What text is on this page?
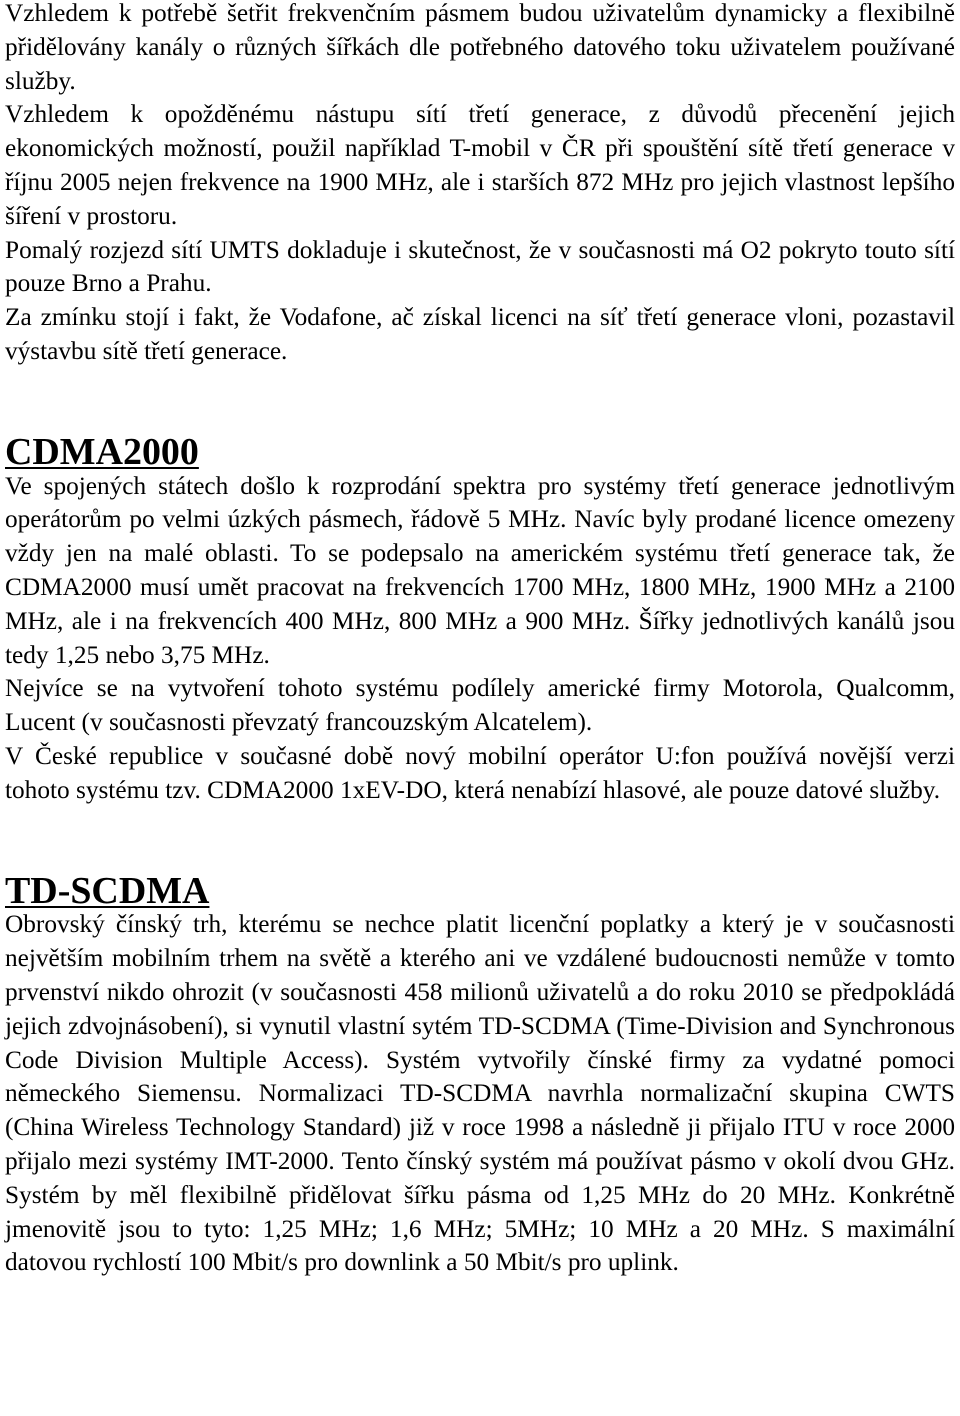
Vzhledem k potřebě šetřit frekvenčním pásmem budou uživatelům dynamicky a flexibilně přidělovány kanály o různých šířkách dle potřebného datového toku uživatelem používané služby.

Vzhledem k opožděnému nástupu sítí třetí generace, z důvodů přecenění jejich ekonomických možností, použil například T-mobil v ČR při spouštění sítě třetí generace v říjnu 2005 nejen frekvence na 1900 MHz, ale i starších 872 MHz pro jejich vlastnost lepšího šíření v prostoru.

Pomalý rozjezd sítí UMTS dokladuje i skutečnost, že v současnosti má O2 pokryto touto sítí pouze Brno a Prahu.

Za zmínku stojí i fakt, že Vodafone, ač získal licenci na síť třetí generace vloni, pozastavil výstavbu sítě třetí generace.

CDMA2000

Ve spojených státech došlo k rozprodání spektra pro systémy třetí generace jednotlivým operátorům po velmi úzkých pásmech, řádově 5 MHz. Navíc byly prodané licence omezeny vždy jen na malé oblasti. To se podepsalo na americkém systému třetí generace tak, že CDMA2000 musí umět pracovat na frekvencích 1700 MHz, 1800 MHz, 1900 MHz a 2100 MHz, ale i na frekvencích 400 MHz, 800 MHz a 900 MHz. Šířky jednotlivých kanálů jsou tedy 1,25 nebo 3,75 MHz.

Nejvíce se na vytvoření tohoto systému podílely americké firmy Motorola, Qualcomm, Lucent (v současnosti převzatý francouzským Alcatelem).

V České republice v současné době nový mobilní operátor U:fon používá novější verzi tohoto systému tzv. CDMA2000 1xEV-DO, která nenabízí hlasové, ale pouze datové služby.

TD-SCDMA

Obrovský čínský trh, kterému se nechce platit licenční poplatky a který je v současnosti největším mobilním trhem na světě a kterého ani ve vzdálené budoucnosti nemůže v tomto prvenství nikdo ohrozit (v současnosti 458 milionů uživatelů a do roku 2010 se předpokládá jejich zdvojnásobení), si vynutil vlastní sytém TD-SCDMA (Time-Division and Synchronous Code Division Multiple Access). Systém vytvořily čínské firmy za vydatné pomoci německého Siemensu. Normalizaci TD-SCDMA navrhla normalizační skupina CWTS (China Wireless Technology Standard) již v roce 1998 a následně ji přijalo ITU v roce 2000 přijalo mezi systémy IMT-2000. Tento čínský systém má používat pásmo v okolí dvou GHz. Systém by měl flexibilně přidělovat šířku pásma od 1,25 MHz do 20 MHz. Konkrétně jmenovitě jsou to tyto: 1,25 MHz; 1,6 MHz; 5MHz; 10 MHz a 20 MHz. S maximální datovou rychlostí 100 Mbit/s pro downlink a 50 Mbit/s pro uplink.
